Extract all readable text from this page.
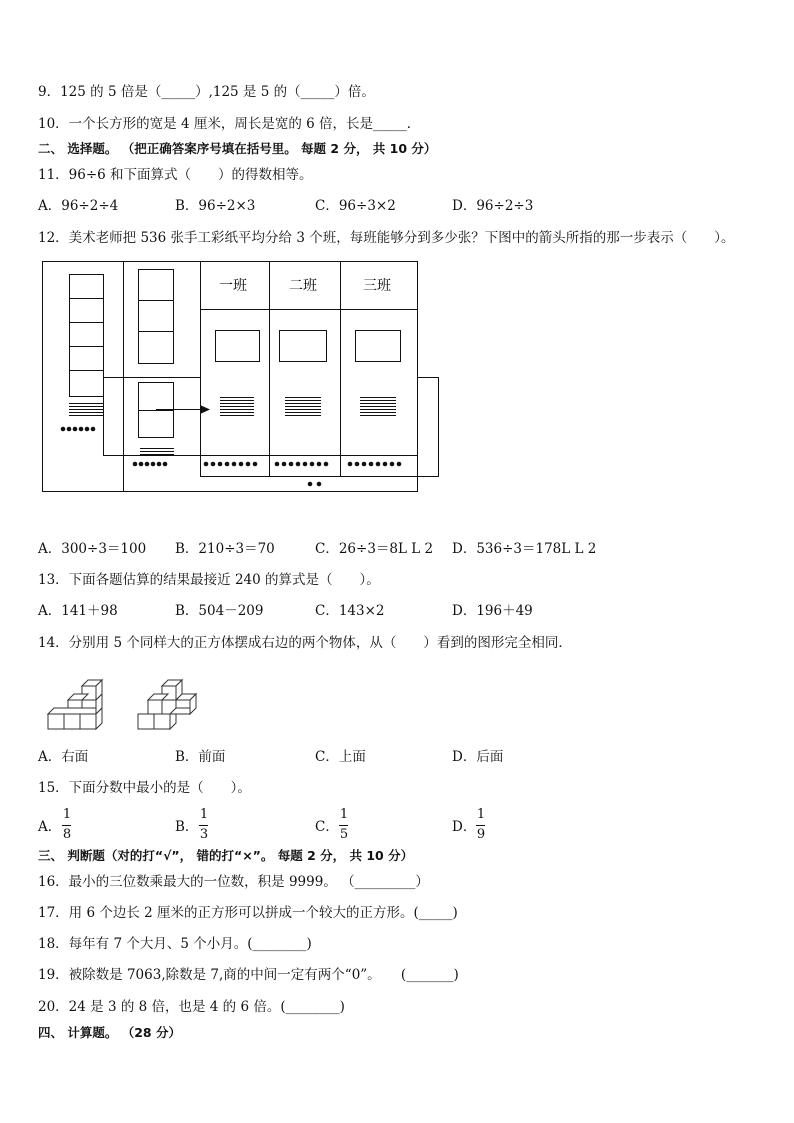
9．125 的 5 倍是（_____）,125 是 5 的（_____）倍。
10．一个长方形的宽是 4 厘米，周长是宽的 6 倍，长是_____．
二、 选择题。 （把正确答案序号填在括号里。 每题 2 分， 共 10 分）
11．96÷6 和下面算式（　　）的得数相等。
A．96÷2÷4	B．96÷2×3	C．96÷3×2	D．96÷2÷3
12．美术老师把 536 张手工彩纸平均分给 3 个班，每班能够分到多少张？下图中的箭头所指的那一步表示（　　）。
一班	二班	三班
A．300÷3＝100 B．210÷3＝70	C．26÷3＝8L L 2 D．536÷3＝178L L 2
13．下面各题估算的结果最接近 240 的算式是（　　）。
A．141＋98	B．504－209	C．143×2	D．196＋49
14．分别用 5 个同样大的正方体摆成右边的两个物体，从（　　）看到的图形完全相同．
A．右面	B．前面	C．上面	D．后面
15．下面分数中最小的是（　　）。
A．
1
8	B．
1
3	C．
1
5	D．
1
9
三、 判断题（对的打“√”， 错的打“×”。 每题 2 分， 共 10 分）
16．最小的三位数乘最大的一位数，积是 9999。 （_________）
17．用 6 个边长 2 厘米的正方形可以拼成一个较大的正方形。(_____)
18．每年有 7 个大月、5 个小月。(________)
19．被除数是 7063,除数是 7,商的中间一定有两个“0”。　　(_______)
20．24 是 3 的 8 倍，也是 4 的 6 倍。(________)
四、 计算题。 （28 分）
